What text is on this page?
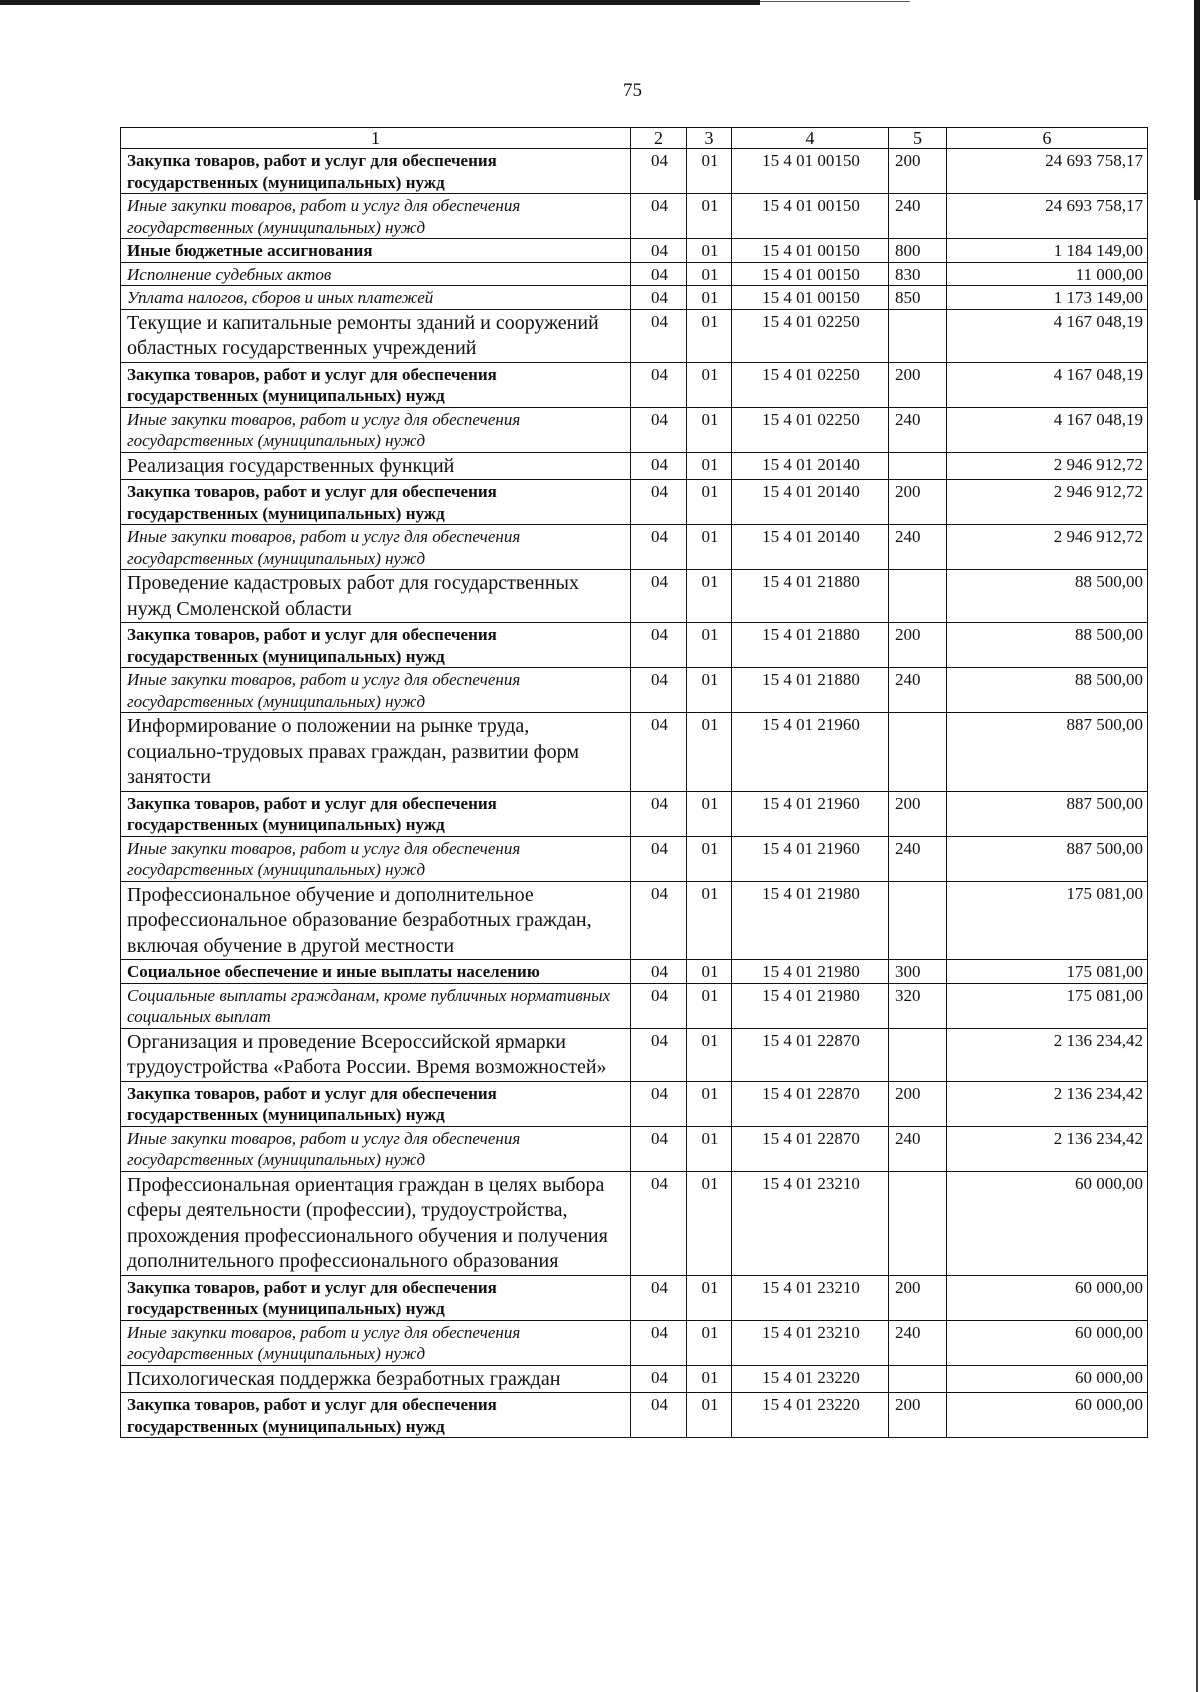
75
1	2	3	4	5	6
Закупка товаров, работ и услуг для обеспечения государственных (муниципальных) нужд	04	01	15 4 01 00150	200	24 693 758,17
Иные закупки товаров, работ и услуг для обеспечения государственных (муниципальных) нужд	04	01	15 4 01 00150	240	24 693 758,17
Иные бюджетные ассигнования	04	01	15 4 01 00150	800	1 184 149,00
Исполнение судебных актов	04	01	15 4 01 00150	830	11 000,00
Уплата налогов, сборов и иных платежей	04	01	15 4 01 00150	850	1 173 149,00
Текущие и капитальные ремонты зданий и сооружений областных государственных учреждений	04	01	15 4 01 02250		4 167 048,19
Закупка товаров, работ и услуг для обеспечения государственных (муниципальных) нужд	04	01	15 4 01 02250	200	4 167 048,19
Иные закупки товаров, работ и услуг для обеспечения государственных (муниципальных) нужд	04	01	15 4 01 02250	240	4 167 048,19
Реализация государственных функций	04	01	15 4 01 20140		2 946 912,72
Закупка товаров, работ и услуг для обеспечения государственных (муниципальных) нужд	04	01	15 4 01 20140	200	2 946 912,72
Иные закупки товаров, работ и услуг для обеспечения государственных (муниципальных) нужд	04	01	15 4 01 20140	240	2 946 912,72
Проведение кадастровых работ для государственных нужд Смоленской области	04	01	15 4 01 21880		88 500,00
Закупка товаров, работ и услуг для обеспечения государственных (муниципальных) нужд	04	01	15 4 01 21880	200	88 500,00
Иные закупки товаров, работ и услуг для обеспечения государственных (муниципальных) нужд	04	01	15 4 01 21880	240	88 500,00
Информирование о положении на рынке труда, социально-трудовых правах граждан, развитии форм занятости	04	01	15 4 01 21960		887 500,00
Закупка товаров, работ и услуг для обеспечения государственных (муниципальных) нужд	04	01	15 4 01 21960	200	887 500,00
Иные закупки товаров, работ и услуг для обеспечения государственных (муниципальных) нужд	04	01	15 4 01 21960	240	887 500,00
Профессиональное обучение и дополнительное профессиональное образование безработных граждан, включая обучение в другой местности	04	01	15 4 01 21980		175 081,00
Социальное обеспечение и иные выплаты населению	04	01	15 4 01 21980	300	175 081,00
Социальные выплаты гражданам, кроме публичных нормативных социальных выплат	04	01	15 4 01 21980	320	175 081,00
Организация и проведение Всероссийской ярмарки трудоустройства «Работа России. Время возможностей»	04	01	15 4 01 22870		2 136 234,42
Закупка товаров, работ и услуг для обеспечения государственных (муниципальных) нужд	04	01	15 4 01 22870	200	2 136 234,42
Иные закупки товаров, работ и услуг для обеспечения государственных (муниципальных) нужд	04	01	15 4 01 22870	240	2 136 234,42
Профессиональная ориентация граждан в целях выбора сферы деятельности (профессии), трудоустройства, прохождения профессионального обучения и получения дополнительного профессионального образования	04	01	15 4 01 23210		60 000,00
Закупка товаров, работ и услуг для обеспечения государственных (муниципальных) нужд	04	01	15 4 01 23210	200	60 000,00
Иные закупки товаров, работ и услуг для обеспечения государственных (муниципальных) нужд	04	01	15 4 01 23210	240	60 000,00
Психологическая поддержка безработных граждан	04	01	15 4 01 23220		60 000,00
Закупка товаров, работ и услуг для обеспечения государственных (муниципальных) нужд	04	01	15 4 01 23220	200	60 000,00
